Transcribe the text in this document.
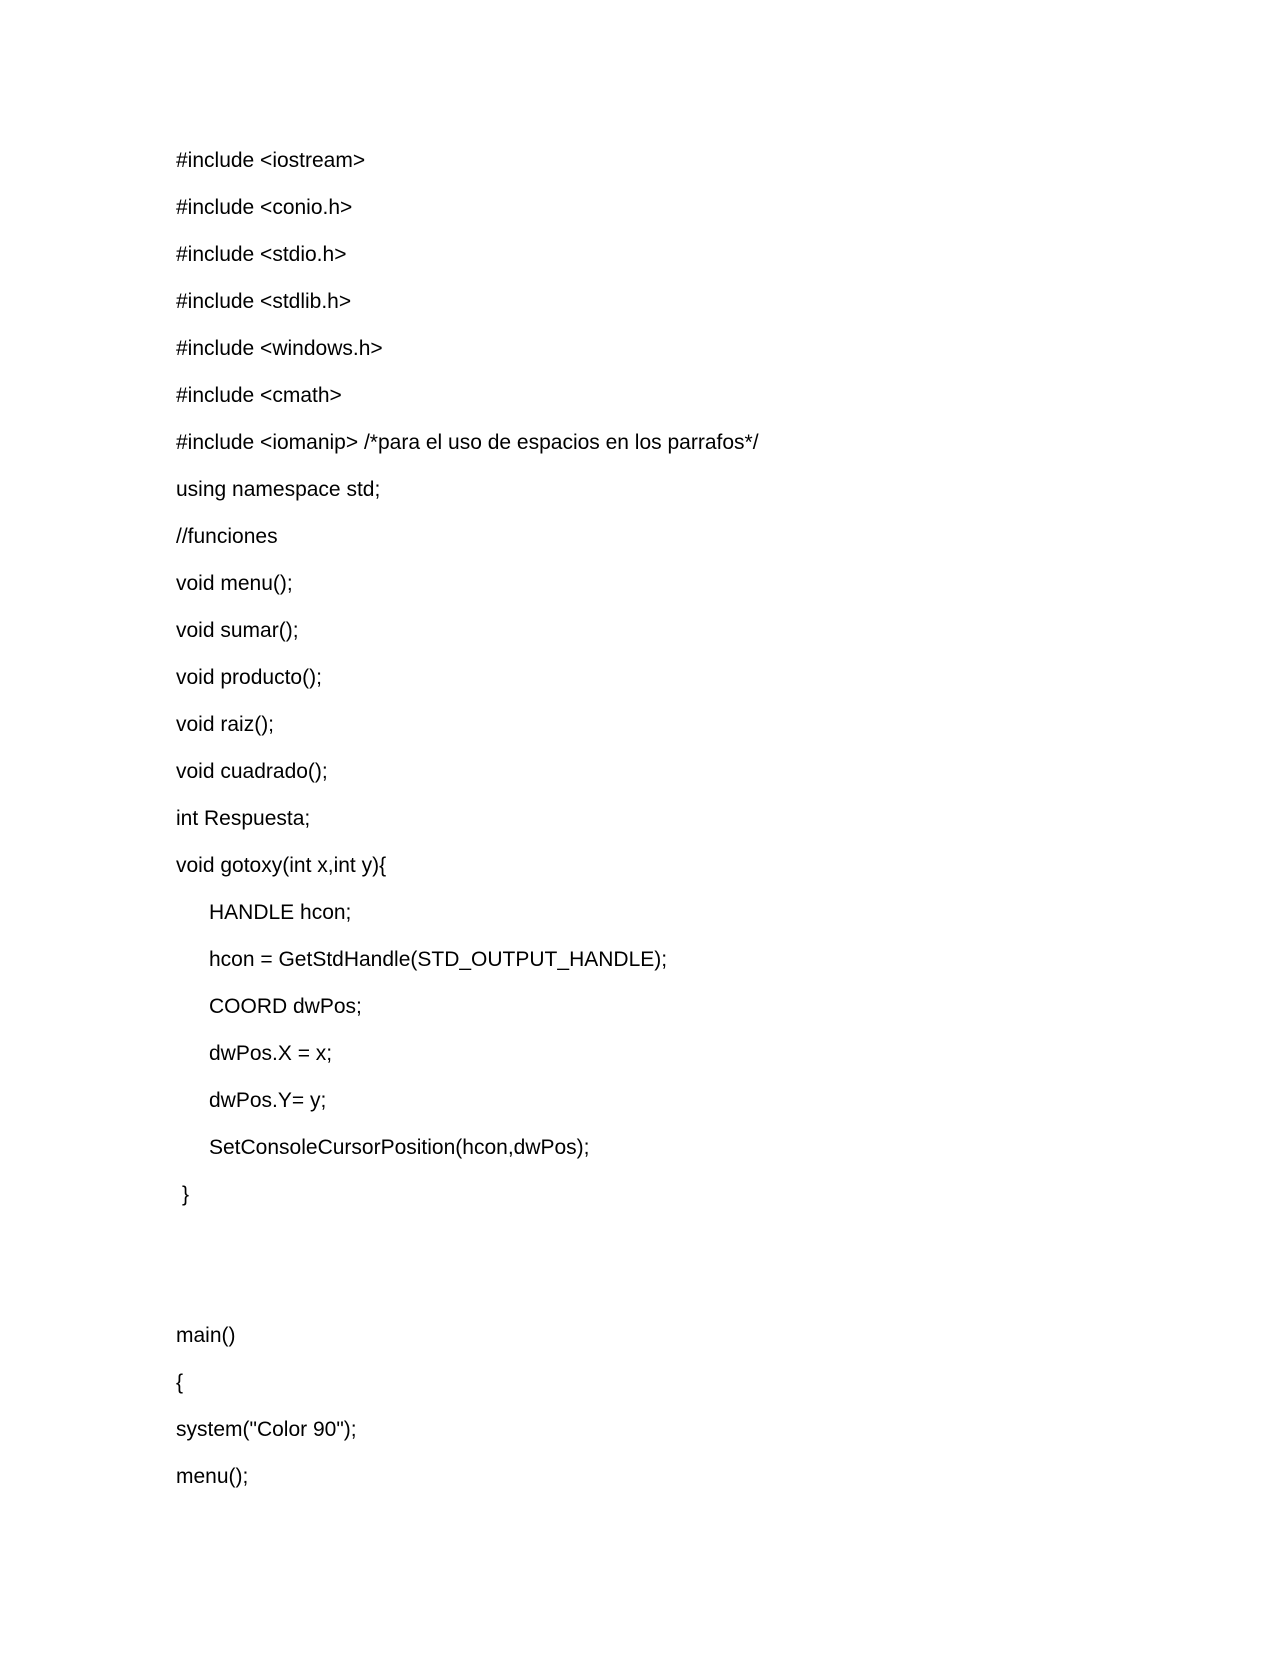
#include <iostream>
#include <conio.h>
#include <stdio.h>
#include <stdlib.h>
#include <windows.h>
#include <cmath>
#include <iomanip> /*para el uso de espacios en los parrafos*/
using namespace std;
//funciones
void menu();
void sumar();
void producto();
void raiz();
void cuadrado();
int Respuesta;
void gotoxy(int x,int y){
HANDLE hcon;
hcon = GetStdHandle(STD_OUTPUT_HANDLE);
COORD dwPos;
dwPos.X = x;
dwPos.Y= y;
SetConsoleCursorPosition(hcon,dwPos);
}
main()
{
system("Color 90");
menu();
